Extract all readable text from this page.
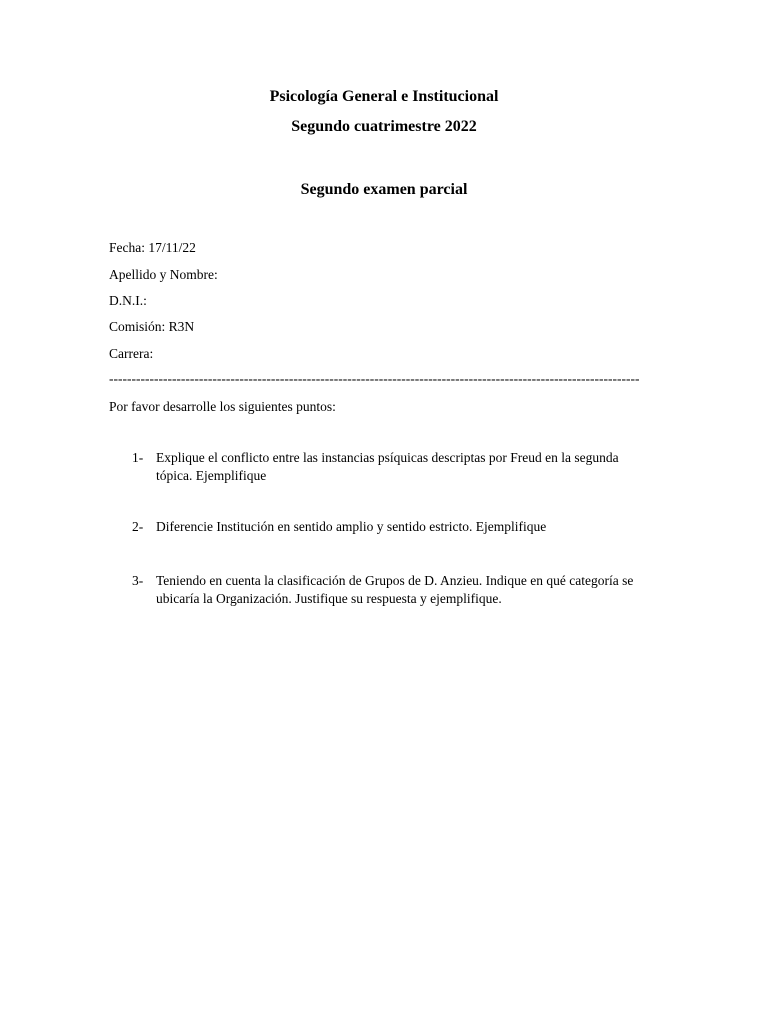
Psicología General e Institucional
Segundo cuatrimestre 2022
Segundo examen parcial
Fecha: 17/11/22
Apellido y Nombre:
D.N.I.:
Comisión: R3N
Carrera:
----------------------------------------------------------------------------------------------------------------------
Por favor desarrolle los siguientes puntos:
1- Explique el conflicto entre las instancias psíquicas descriptas por Freud en la segunda tópica. Ejemplifique
2- Diferencie Institución en sentido amplio y sentido estricto. Ejemplifique
3- Teniendo en cuenta la clasificación de Grupos de D. Anzieu. Indique en qué categoría se ubicaría la Organización. Justifique su respuesta y ejemplifique.
